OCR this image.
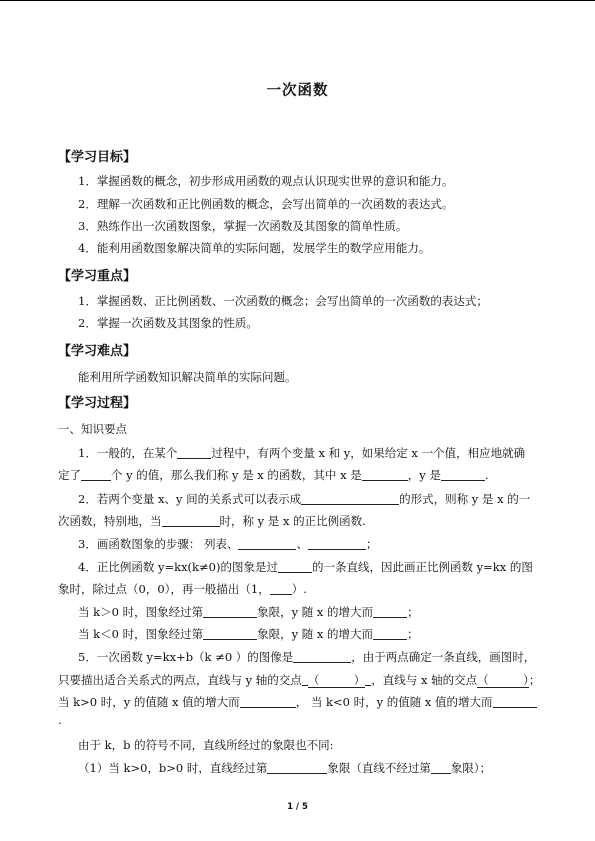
一次函数
【学习目标】
1．掌握函数的概念，初步形成用函数的观点认识现实世界的意识和能力。
2．理解一次函数和正比例函数的概念，会写出简单的一次函数的表达式。
3．熟练作出一次函数图象，掌握一次函数及其图象的简单性质。
4．能利用函数图象解决简单的实际问题，发展学生的数学应用能力。
【学习重点】
1．掌握函数、正比例函数、一次函数的概念；会写出简单的一次函数的表达式；
2．掌握一次函数及其图象的性质。
【学习难点】
能利用所学函数知识解决简单的实际问题。
【学习过程】
一、知识要点
1．一般的，在某个	过程中，有两个变量 x 和 y，如果给定 x 一个值，相应地就确
定了	个 y 的值，那么我们称 y 是 x 的函数，其中 x 是	，y 是	.
2．若两个变量 x、y 间的关系式可以表示成	的形式，则称 y 是 x 的一
次函数，特别地，当	时，称 y 是 x 的正比例函数.
3．画函数图象的步骤： 列表、	、	；
4．正比例函数 y=kx(k≠0)的图象是过	的一条直线，因此画正比例函数 y=kx 的图
象时，除过点（0，0），再一般描出（1， ）.
当 k＞0 时，图象经过第	象限，y 随 x 的增大而	；
当 k＜0 时，图象经过第	象限，y 随 x 的增大而	；
5．一次函数 y=kx+b（k ≠0 ）的图像是	，由于两点确定一条直线，画图时，
只要描出适合关系式的两点，直线与 y 轴的交点 （　　　） ，直线与 x 轴的交点（　　　）；
当 k>0 时，y 的值随 x 值的增大而	， 当 k<0 时，y 的值随 x 值的增大而
.
由于 k，b 的符号不同，直线所经过的象限也不同:
（1）当 k>0，b>0 时，直线经过第	象限（直线不经过第 象限）；
1 / 5
